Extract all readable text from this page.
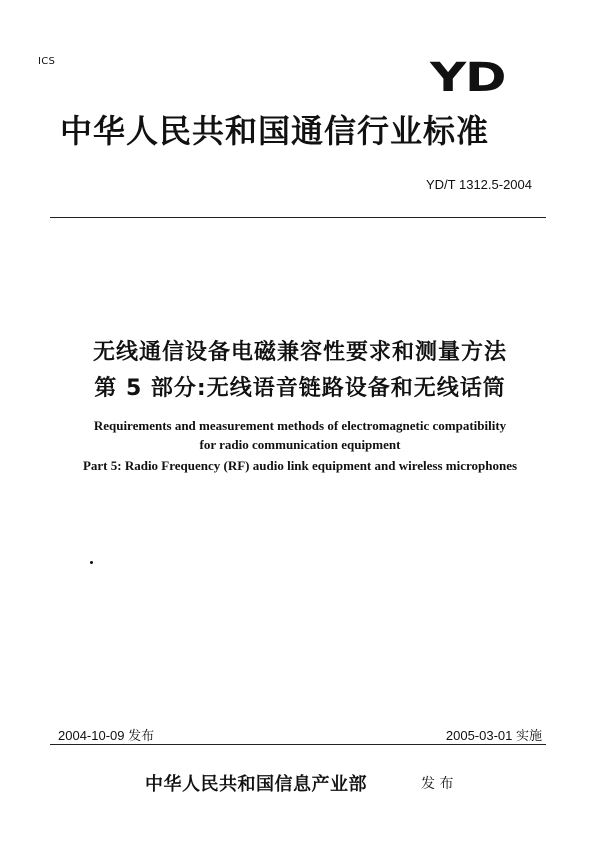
ICS	YD
中华人民共和国通信行业标准
YD/T 1312.5-2004
无线通信设备电磁兼容性要求和测量方法
第 5 部分:无线语音链路设备和无线话筒
Requirements and measurement methods of electromagnetic compatibility
for radio communication equipment
Part 5: Radio Frequency (RF) audio link equipment and wireless microphones
2004-10-09 发布	2005-03-01 实施
中华人民共和国信息产业部	发 布
